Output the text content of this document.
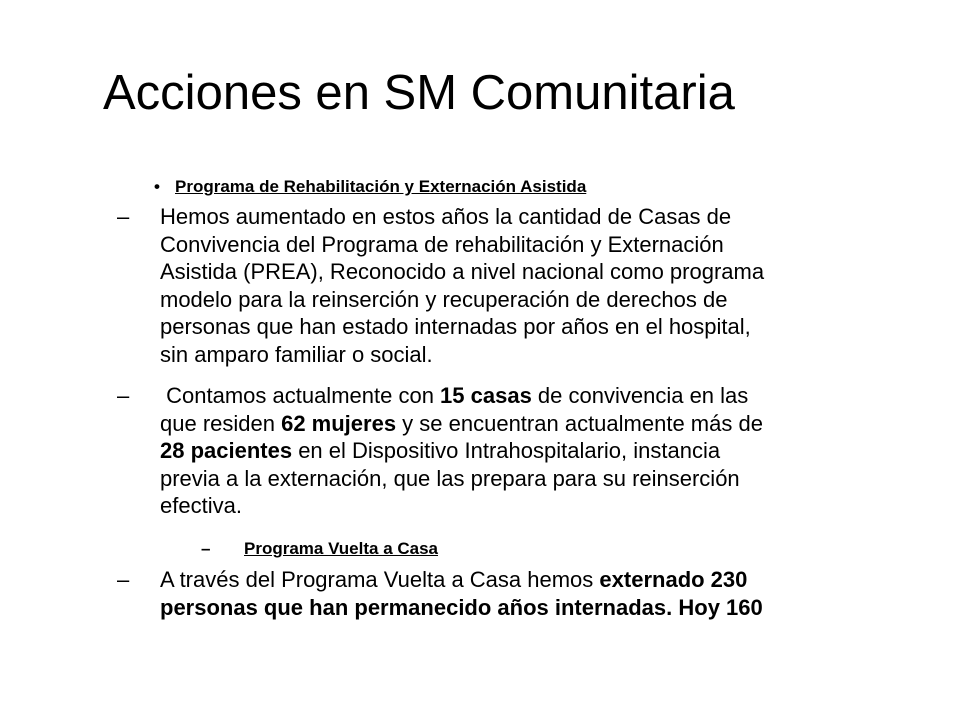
Acciones en SM Comunitaria
• Programa de Rehabilitación y Externación Asistida
– Hemos aumentado en estos años la cantidad de Casas de
Convivencia del Programa de rehabilitación y Externación
Asistida (PREA), Reconocido a nivel nacional como programa
modelo para la reinserción y recuperación de derechos de
personas que han estado internadas por años en el hospital,
sin amparo familiar o social.
– Contamos actualmente con 15 casas de convivencia en las
que residen 62 mujeres y se encuentran actualmente más de
28 pacientes en el Dispositivo Intrahospitalario, instancia
previa a la externación, que las prepara para su reinserción
efectiva.
– Programa Vuelta a Casa
– A través del Programa Vuelta a Casa hemos externado 230
personas que han permanecido años internadas. Hoy 160
